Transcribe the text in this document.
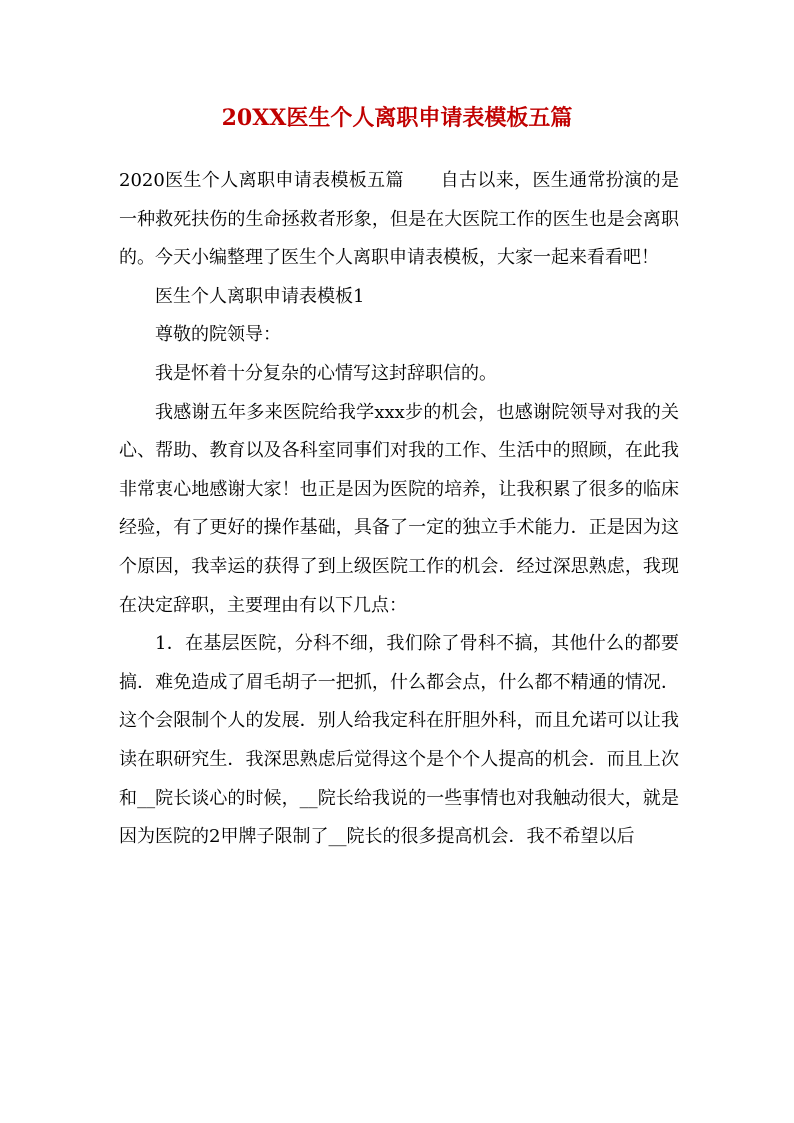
20XX医生个人离职申请表模板五篇

2020医生个人离职申请表模板五篇　　自古以来，医生通常扮演的是一种救死扶伤的生命拯救者形象，但是在大医院工作的医生也是会离职的。今天小编整理了医生个人离职申请表模板，大家一起来看看吧！

医生个人离职申请表模板1

尊敬的院领导：

我是怀着十分复杂的心情写这封辞职信的。

我感谢五年多来医院给我学xxx步的机会，也感谢院领导对我的关心、帮助、教育以及各科室同事们对我的工作、生活中的照顾，在此我非常衷心地感谢大家！也正是因为医院的培养，让我积累了很多的临床经验，有了更好的操作基础，具备了一定的独立手术能力．正是因为这个原因，我幸运的获得了到上级医院工作的机会．经过深思熟虑，我现在决定辞职，主要理由有以下几点：

1．在基层医院，分科不细，我们除了骨科不搞，其他什么的都要搞．难免造成了眉毛胡子一把抓，什么都会点，什么都不精通的情况．这个会限制个人的发展．别人给我定科在肝胆外科，而且允诺可以让我读在职研究生．我深思熟虑后觉得这个是个个人提高的机会．而且上次和__院长谈心的时候，__院长给我说的一些事情也对我触动很大，就是因为医院的2甲牌子限制了__院长的很多提高机会．我不希望以后
